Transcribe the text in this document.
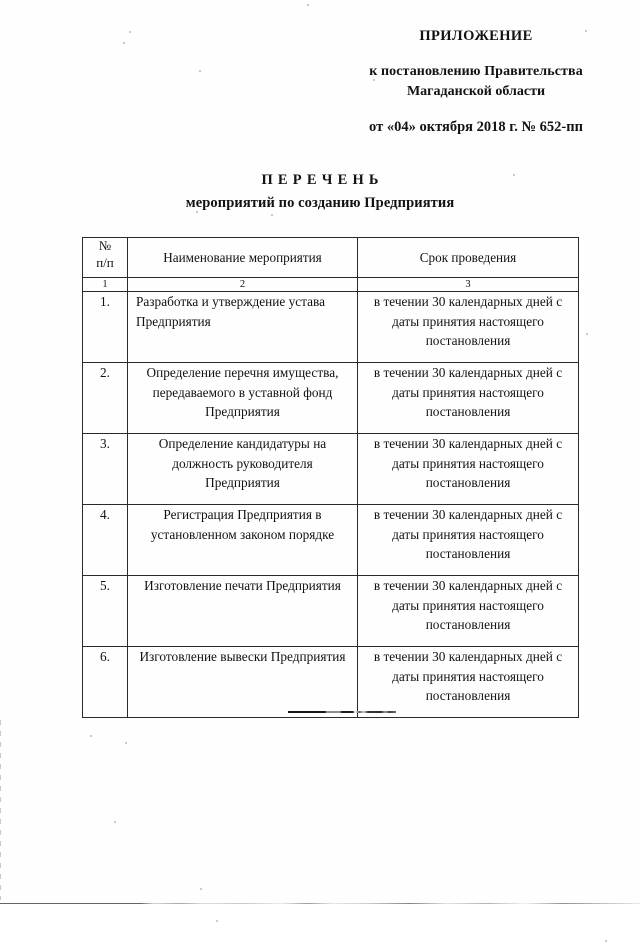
ПРИЛОЖЕНИЕ
к постановлению Правительства
Магаданской области
от «04» октября 2018 г. № 652-пп
ПЕРЕЧЕНЬ
мероприятий по созданию Предприятия
№
п/п	Наименование мероприятия	Срок проведения
1	2	3
1.	Разработка и утверждение устава Предприятия	в течении 30 календарных дней с даты принятия настоящего постановления
2.	Определение перечня имущества, передаваемого в уставной фонд Предприятия	в течении 30 календарных дней с даты принятия настоящего постановления
3.	Определение кандидатуры на должность руководителя Предприятия	в течении 30 календарных дней с даты принятия настоящего постановления
4.	Регистрация Предприятия в установленном законом порядке	в течении 30 календарных дней с даты принятия настоящего постановления
5.	Изготовление печати Предприятия	в течении 30 календарных дней с даты принятия настоящего постановления
6.	Изготовление вывески Предприятия	в течении 30 календарных дней с даты принятия настоящего постановления
